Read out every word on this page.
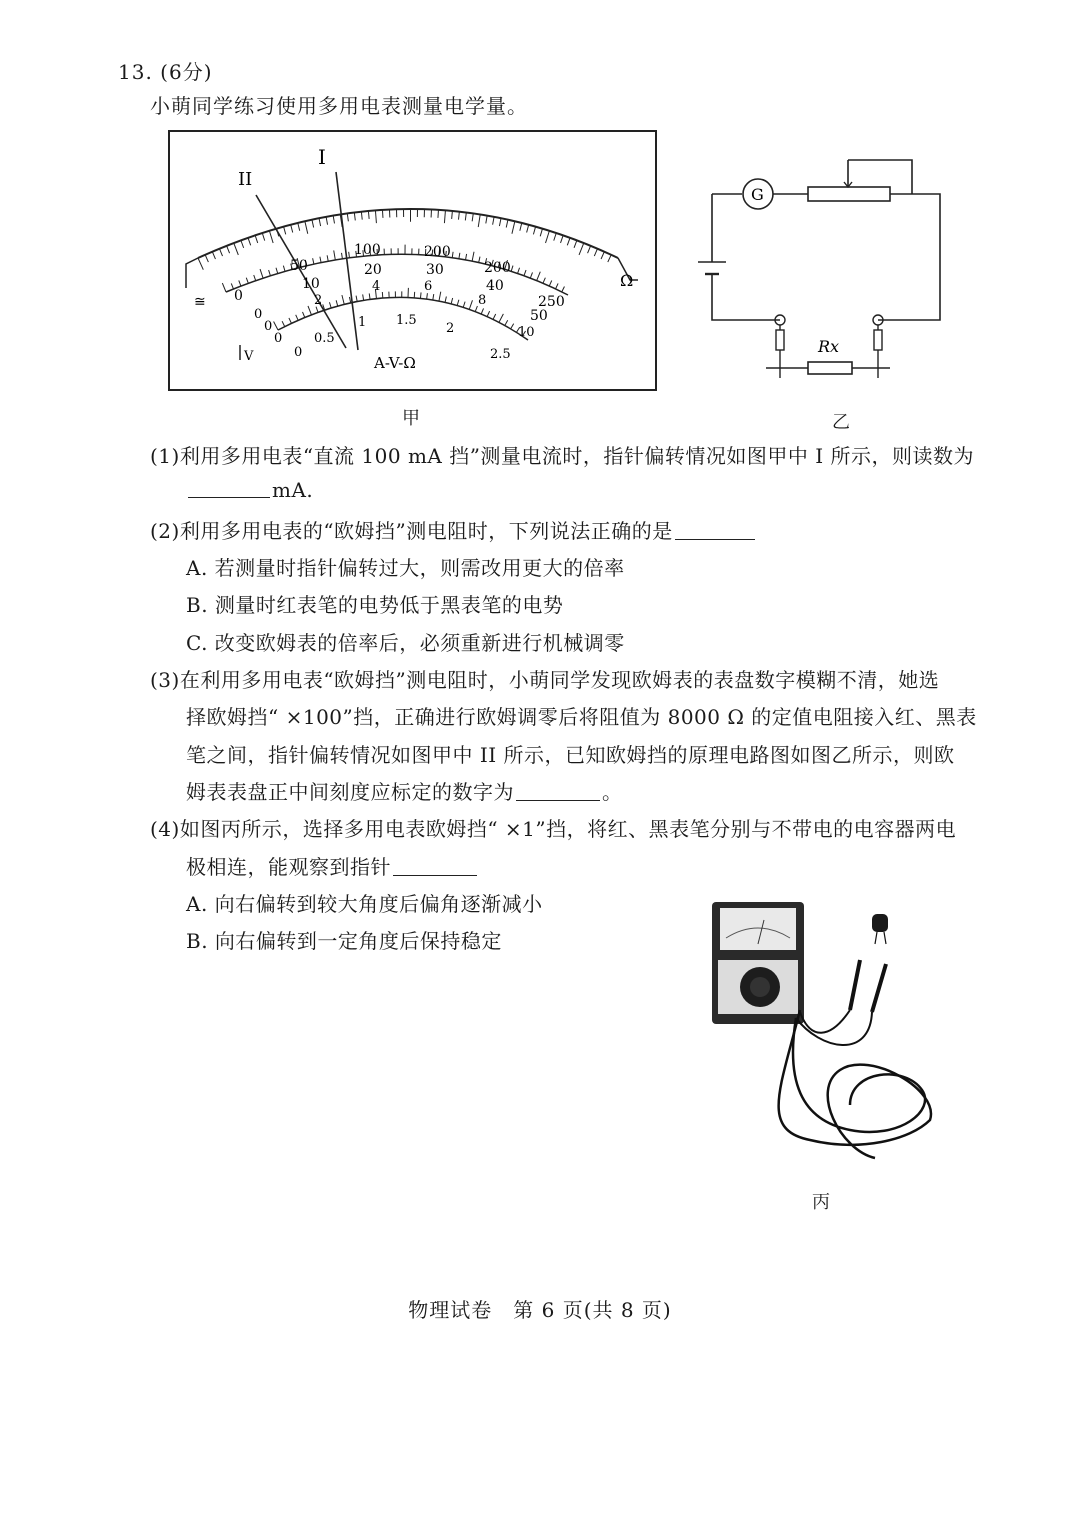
13. (6分)
小萌同学练习使用多用电表测量电学量。
I
II
50
100	200
200
250
Ω
10
20	30
40
50
0	2
4	6
8
10
0
0
0.5
1 1.5
2
2.5
≅
V
0
0
A-V-Ω
甲
G
Rx
乙
(1)利用多用电表“直流 100 mA 挡”测量电流时，指针偏转情况如图甲中 I 所示，则读数为
mA.
(2)利用多用电表的“欧姆挡”测电阻时，下列说法正确的是
A. 若测量时指针偏转过大，则需改用更大的倍率
B. 测量时红表笔的电势低于黑表笔的电势
C. 改变欧姆表的倍率后，必须重新进行机械调零
(3)在利用多用电表“欧姆挡”测电阻时，小萌同学发现欧姆表的表盘数字模糊不清，她选
择欧姆挡“ ×100”挡，正确进行欧姆调零后将阻值为 8000 Ω 的定值电阻接入红、黑表
笔之间，指针偏转情况如图甲中 II 所示，已知欧姆挡的原理电路图如图乙所示，则欧
姆表表盘正中间刻度应标定的数字为	。
(4)如图丙所示，选择多用电表欧姆挡“ ×1”挡，将红、黑表笔分别与不带电的电容器两电
极相连，能观察到指针
A. 向右偏转到较大角度后偏角逐渐减小
B. 向右偏转到一定角度后保持稳定
丙
物理试卷　第 6 页(共 8 页)
